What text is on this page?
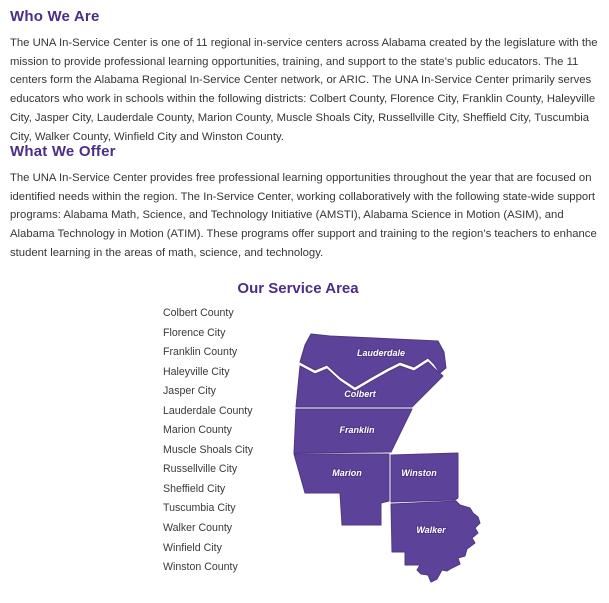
Who We Are

The UNA In-Service Center is one of 11 regional in-service centers across Alabama created by the legislature with the mission to provide professional learning opportunities, training, and support to the state’s public educators. The 11 centers form the Alabama Regional In-Service Center network, or ARIC. The UNA In-Service Center primarily serves educators who work in schools within the following districts: Colbert County, Florence City, Franklin County, Haleyville City, Jasper City, Lauderdale County, Marion County, Muscle Shoals City, Russellville City, Sheffield City, Tuscumbia City, Walker County, Winfield City and Winston County.

What We Offer

The UNA In-Service Center provides free professional learning opportunities throughout the year that are focused on identified needs within the region. The In-Service Center, working collaboratively with the following state-wide support programs: Alabama Math, Science, and Technology Initiative (AMSTI), Alabama Science in Motion (ASIM), and Alabama Technology in Motion (ATIM). These programs offer support and training to the region’s teachers to enhance student learning in the areas of math, science, and technology.

Our Service Area
Colbert County
Florence City
Franklin County
Haleyville City
Jasper City
Lauderdale County
Marion County
Muscle Shoals City
Russellville City
Sheffield City
Tuscumbia City
Walker County
Winfield City
Winston County
Lauderdale
Colbert
Franklin
Marion	Winston
Walker
